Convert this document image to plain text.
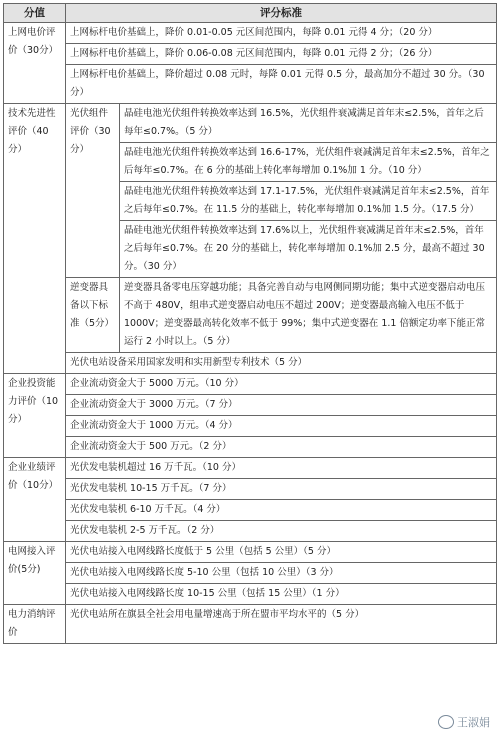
分值	评分标准	
上网电价评价（30分）	上网标杆电价基础上，降价 0.01-0.05 元区间范围内，每降 0.01 元得 4 分；（20 分）	
	上网标杆电价基础上，降价 0.06-0.08 元区间范围内，每降 0.01 元得 2 分；（26 分）	
	上网标杆电价基础上，降价超过 0.08 元时，每降 0.01 元得 0.5 分，最高加分不超过 30 分。（30 分）	
技术先进性评价（40分）	光伏组件评价（30分）	晶硅电池光伏组件转换效率达到 16.5%，光伏组件衰减满足首年末≤2.5%，首年之后每年≤0.7%。（5 分）
		晶硅电池光伏组件转换效率达到 16.6-17%，光伏组件衰减满足首年末≤2.5%，首年之后每年≤0.7%。在 6 分的基础上转化率每增加 0.1%加 1 分。（10 分）
		晶硅电池光伏组件转换效率达到 17.1-17.5%，光伏组件衰减满足首年末≤2.5%，首年之后每年≤0.7%。在 11.5 分的基础上，转化率每增加 0.1%加 1.5 分。（17.5 分）
		晶硅电池光伏组件转换效率达到 17.6%以上，光伏组件衰减满足首年末≤2.5%，首年之后每年≤0.7%。在 20 分的基础上，转化率每增加 0.1%加 2.5 分，最高不超过 30 分。（30 分）
	逆变器具备以下标准（5分）	逆变器具备零电压穿越功能；具备完善自动与电网侧同期功能；集中式逆变器启动电压不高于 480V，组串式逆变器启动电压不超过 200V；逆变器最高输入电压不低于 1000V；逆变器最高转化效率不低于 99%；集中式逆变器在 1.1 倍额定功率下能正常运行 2 小时以上。（5 分）
	光伏电站设备采用国家发明和实用新型专利技术（5 分）	
企业投资能力评价（10分）	企业流动资金大于 5000 万元。（10 分）	
	企业流动资金大于 3000 万元。（7 分）	
	企业流动资金大于 1000 万元。（4 分）	
	企业流动资金大于 500 万元。（2 分）	
企业业绩评价（10分）	光伏发电装机超过 16 万千瓦。（10 分）	
	光伏发电装机 10-15 万千瓦。（7 分）	
	光伏发电装机 6-10 万千瓦。（4 分）	
	光伏发电装机 2-5 万千瓦。（2 分）	
电网接入评价(5分)	光伏电站接入电网线路长度低于 5 公里（包括 5 公里）（5 分）	
	光伏电站接入电网线路长度 5-10 公里（包括 10 公里）（3 分）	
	光伏电站接入电网线路长度 10-15 公里（包括 15 公里）（1 分）	
电力消纳评价	光伏电站所在旗县全社会用电量增速高于所在盟市平均水平的（5 分）	
王淑娟
